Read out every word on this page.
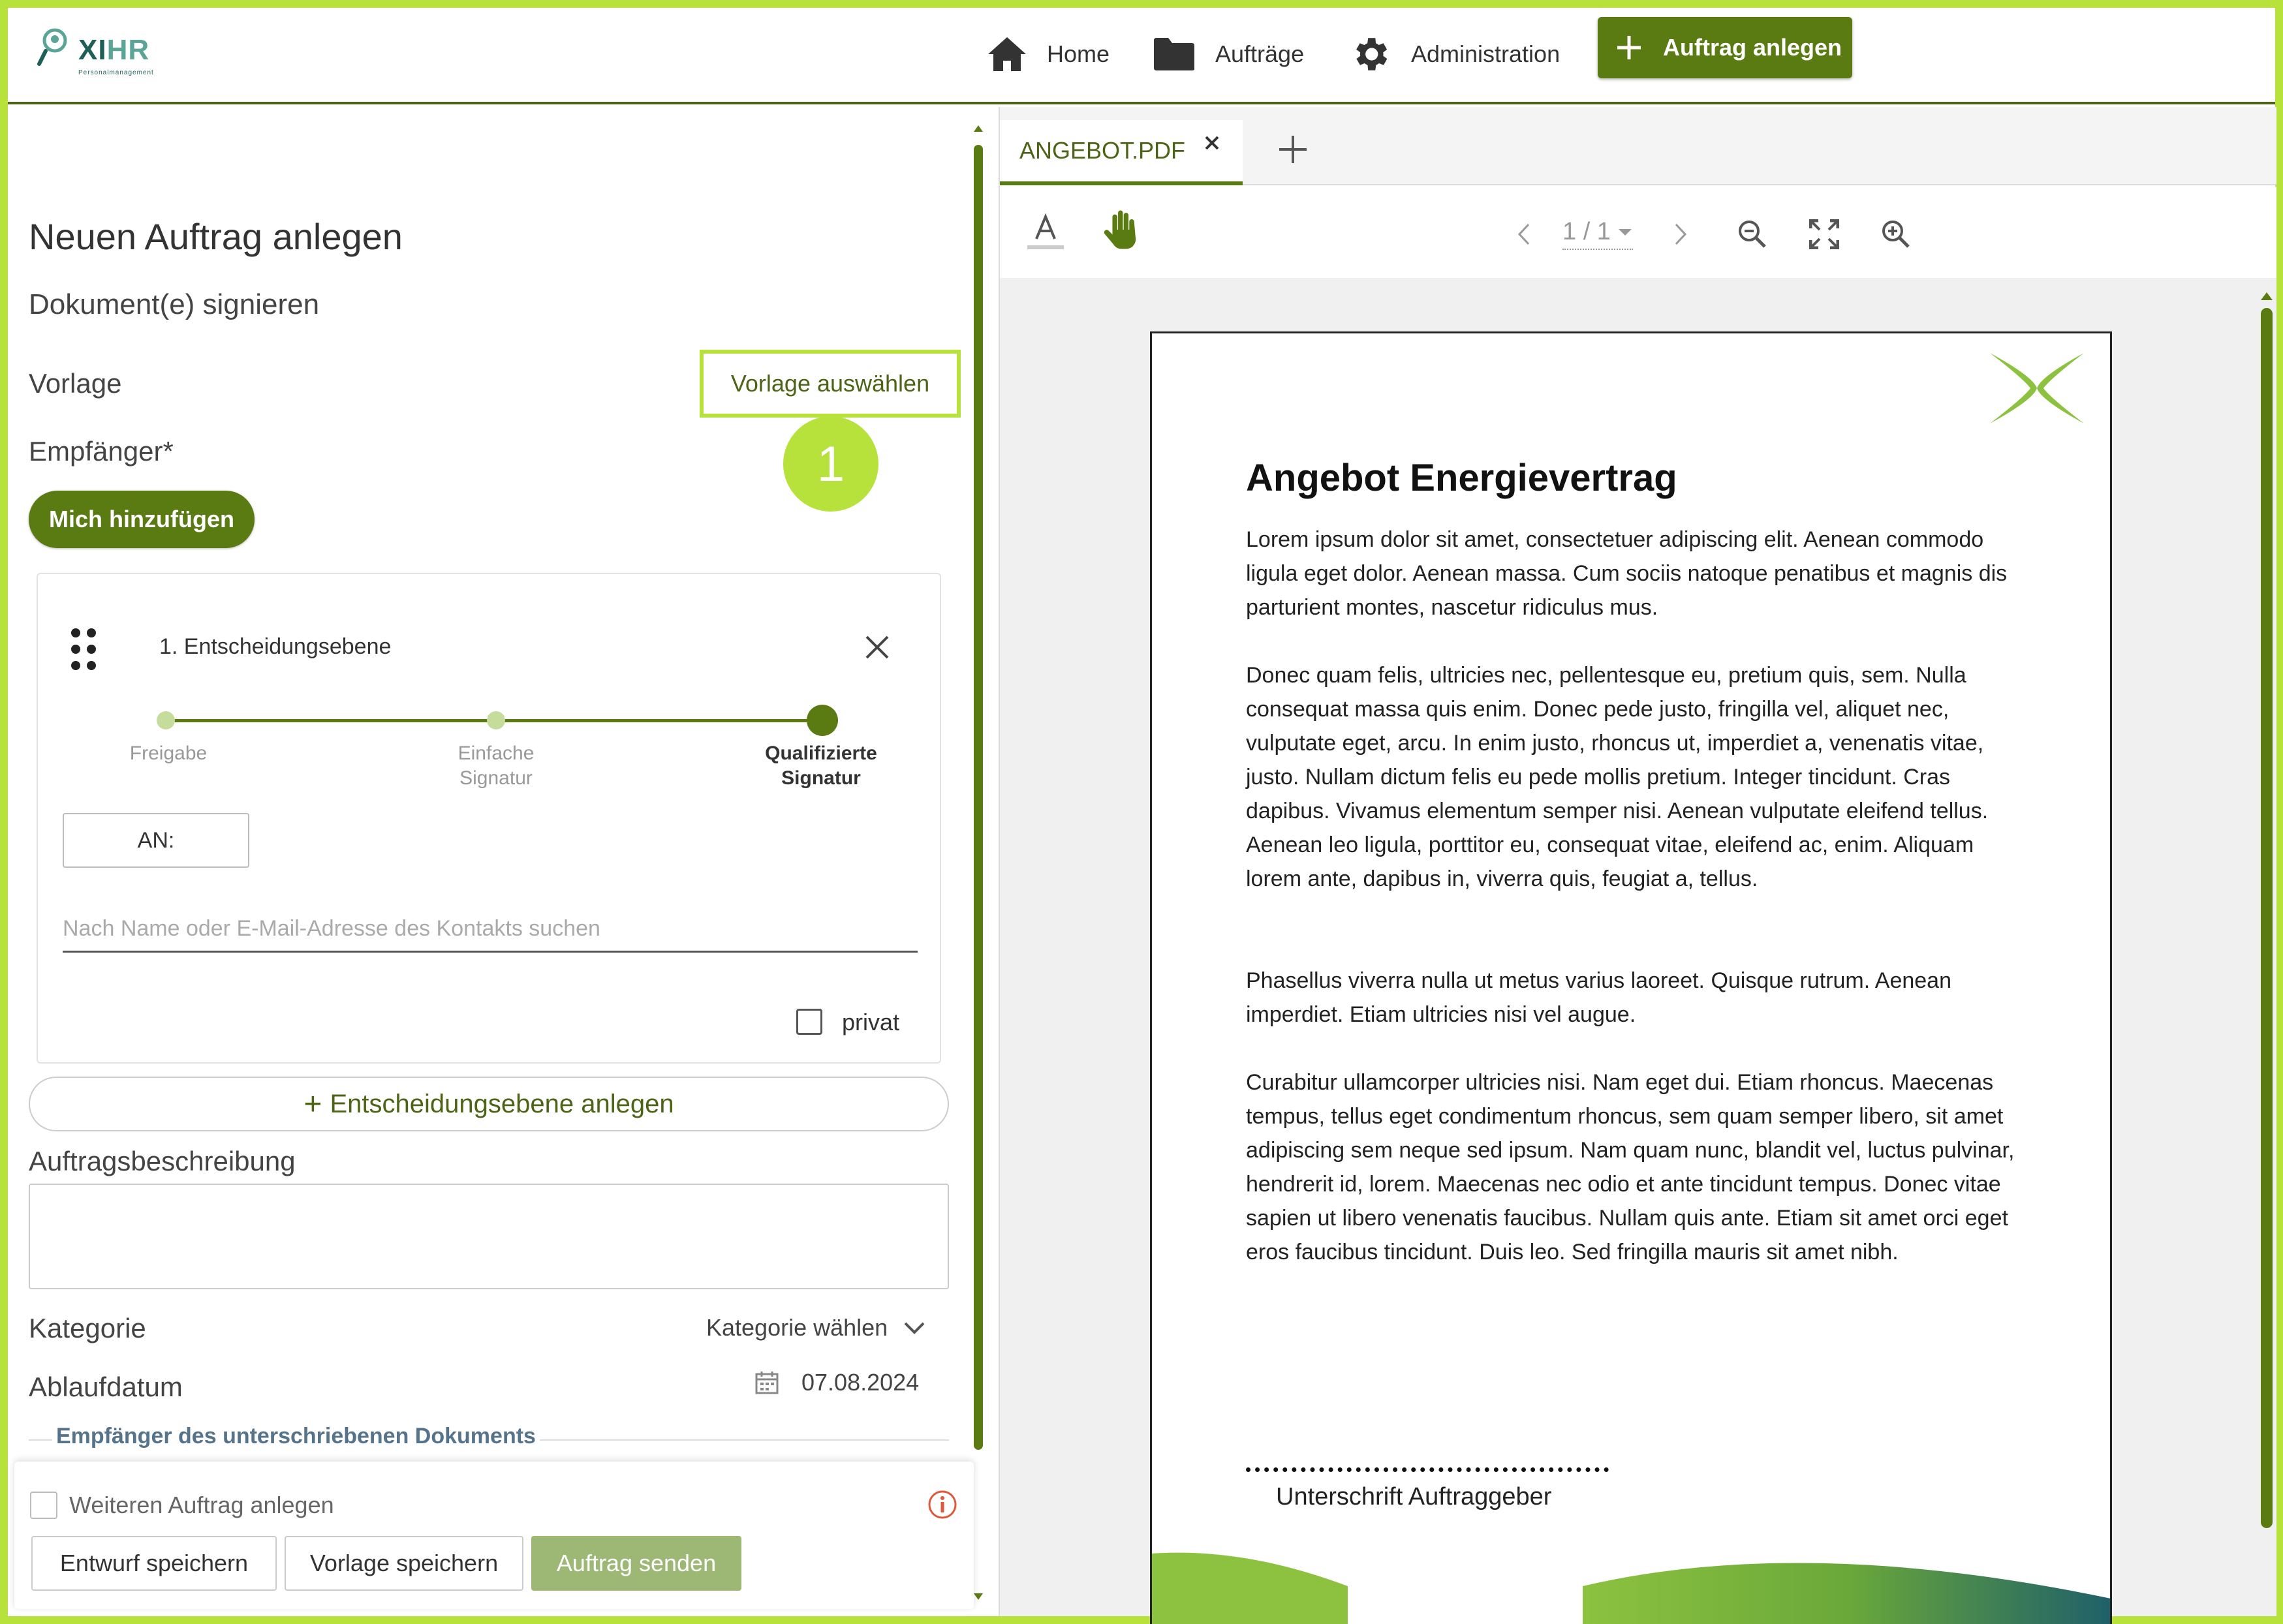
XIHR
Personalmanagement
Home	Aufträge	Administration	Auftrag anlegen
Neuen Auftrag anlegen
Dokument(e) signieren
Vorlage	Vorlage auswählen
1
Empfänger*
Mich hinzufügen
1. Entscheidungsebene
Freigabe	Einfache Signatur
Qualifizierte Signatur
AN:
Nach Name oder E-Mail-Adresse des Kontakts suchen
privat
+ Entscheidungsebene anlegen
Auftragsbeschreibung
Kategorie	Kategorie wählen
Ablaufdatum	07.08.2024
Empfänger des unterschriebenen Dokuments
Weiteren Auftrag anlegen
Entwurf speichern	Vorlage speichern	Auftrag senden
ANGEBOT.PDF
1 / 1
Angebot Energievertrag
Lorem ipsum dolor sit amet, consectetuer adipiscing elit. Aenean commodo ligula eget dolor. Aenean massa. Cum sociis natoque penatibus et magnis dis parturient montes, nascetur ridiculus mus.
Donec quam felis, ultricies nec, pellentesque eu, pretium quis, sem. Nulla consequat massa quis enim. Donec pede justo, fringilla vel, aliquet nec, vulputate eget, arcu. In enim justo, rhoncus ut, imperdiet a, venenatis vitae, justo. Nullam dictum felis eu pede mollis pretium. Integer tincidunt. Cras dapibus. Vivamus elementum semper nisi. Aenean vulputate eleifend tellus. Aenean leo ligula, porttitor eu, consequat vitae, eleifend ac, enim. Aliquam lorem ante, dapibus in, viverra quis, feugiat a, tellus.
Phasellus viverra nulla ut metus varius laoreet. Quisque rutrum. Aenean imperdiet. Etiam ultricies nisi vel augue.
Curabitur ullamcorper ultricies nisi. Nam eget dui. Etiam rhoncus. Maecenas tempus, tellus eget condimentum rhoncus, sem quam semper libero, sit amet adipiscing sem neque sed ipsum. Nam quam nunc, blandit vel, luctus pulvinar, hendrerit id, lorem. Maecenas nec odio et ante tincidunt tempus. Donec vitae sapien ut libero venenatis faucibus. Nullam quis ante. Etiam sit amet orci eget eros faucibus tincidunt. Duis leo. Sed fringilla mauris sit amet nibh.
Unterschrift Auftraggeber
